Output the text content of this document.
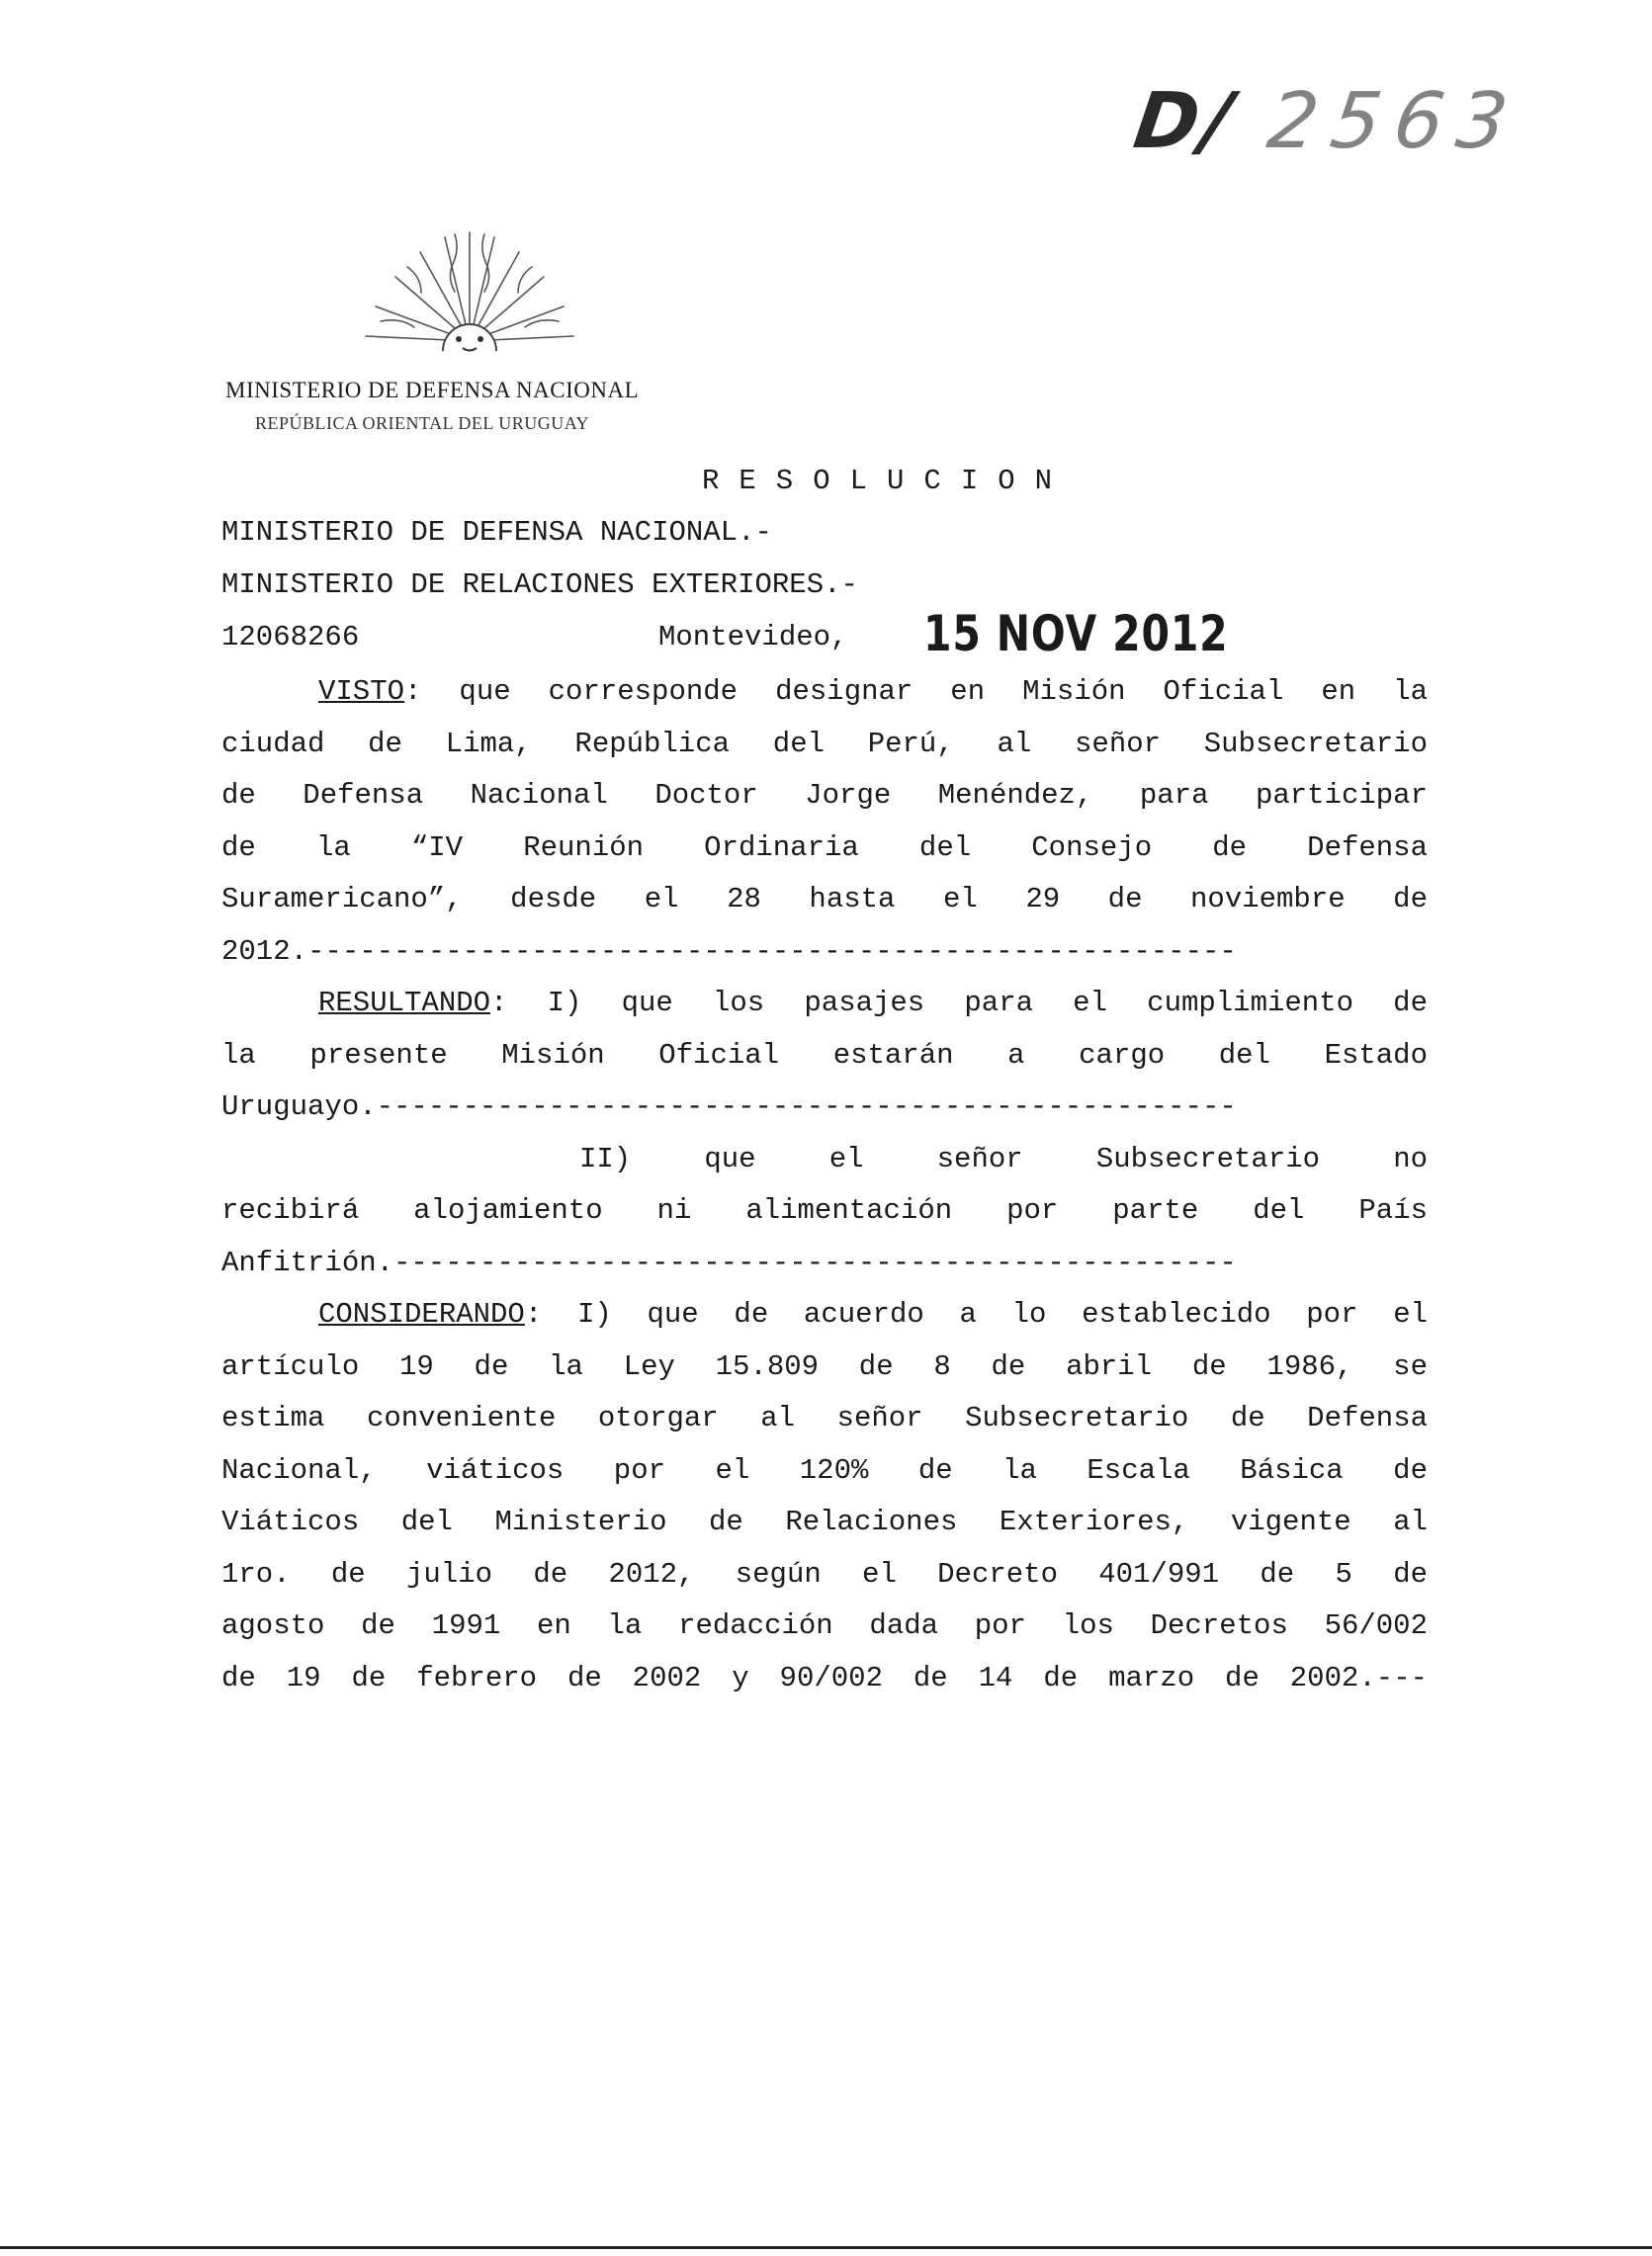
D/ 2563
MINISTERIO DE DEFENSA NACIONAL
REPÚBLICA ORIENTAL DEL URUGUAY
RESOLUCION
MINISTERIO DE DEFENSA NACIONAL.-
MINISTERIO DE RELACIONES EXTERIORES.-
12068266	Montevideo, 15 NOV 2012
VISTO: que corresponde designar en Misión Oficial en la
ciudad de Lima, República del Perú, al señor Subsecretario
de Defensa Nacional Doctor Jorge Menéndez, para participar
de la “IV Reunión Ordinaria del Consejo de Defensa
Suramericano”, desde el 28 hasta el 29 de noviembre de
2012.------------------------------------------------------
RESULTANDO: I) que los pasajes para el cumplimiento de
la presente Misión Oficial estarán a cargo del Estado
Uruguayo.--------------------------------------------------
II) que el señor Subsecretario no
recibirá alojamiento ni alimentación por parte del País
Anfitrión.-------------------------------------------------
CONSIDERANDO: I) que de acuerdo a lo establecido por el
artículo 19 de la Ley 15.809 de 8 de abril de 1986, se
estima conveniente otorgar al señor Subsecretario de Defensa
Nacional, viáticos por el 120% de la Escala Básica de
Viáticos del Ministerio de Relaciones Exteriores, vigente al
1ro. de julio de 2012, según el Decreto 401/991 de 5 de
agosto de 1991 en la redacción dada por los Decretos 56/002
de 19 de febrero de 2002 y 90/002 de 14 de marzo de 2002.---
